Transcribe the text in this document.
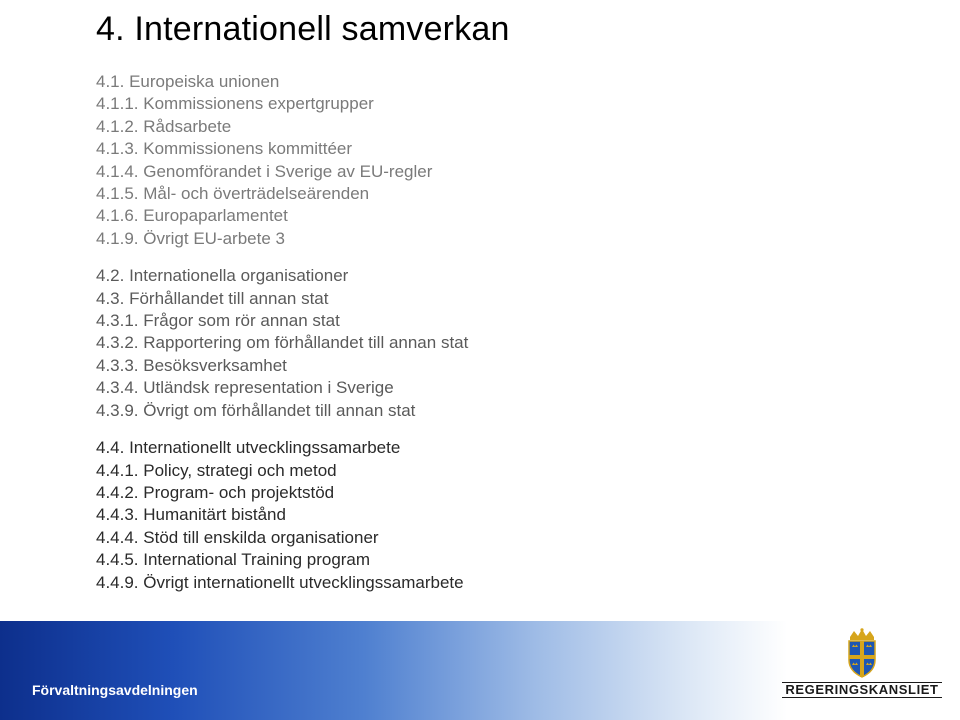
4. Internationell samverkan
4.1. Europeiska unionen
4.1.1. Kommissionens expertgrupper
4.1.2. Rådsarbete
4.1.3. Kommissionens kommittéer
4.1.4. Genomförandet i Sverige av EU-regler
4.1.5. Mål- och överträdelseärenden
4.1.6. Europaparlamentet
4.1.9. Övrigt EU-arbete 3
4.2. Internationella organisationer
4.3. Förhållandet till annan stat
4.3.1. Frågor som rör annan stat
4.3.2. Rapportering om förhållandet till annan stat
4.3.3. Besöksverksamhet
4.3.4. Utländsk representation i Sverige
4.3.9. Övrigt om förhållandet till annan stat
4.4. Internationellt utvecklingssamarbete
4.4.1. Policy, strategi och metod
4.4.2. Program- och projektstöd
4.4.3. Humanitärt bistånd
4.4.4. Stöd till enskilda organisationer
4.4.5. International Training program
4.4.9. Övrigt internationellt utvecklingssamarbete
Förvaltningsavdelningen	REGERINGSKANSLIET
